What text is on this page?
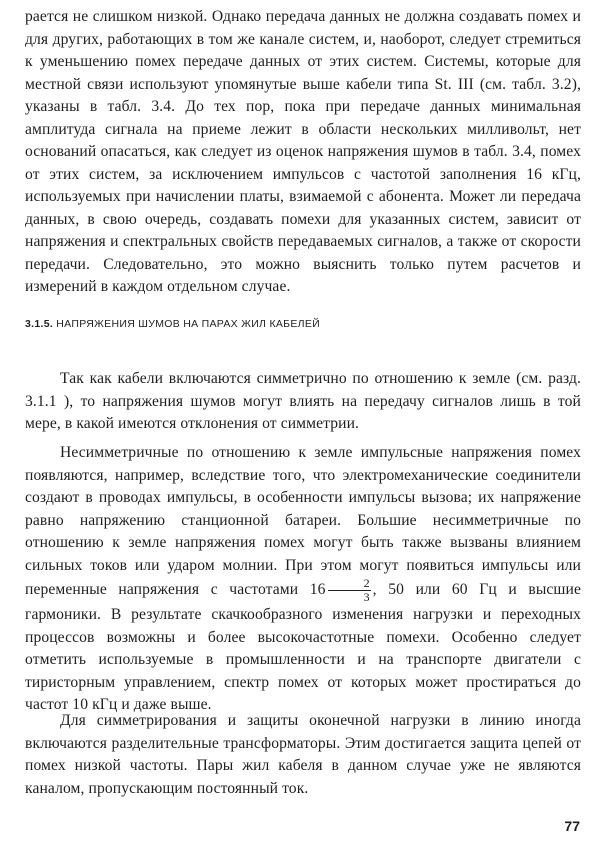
рается не слишком низкой. Однако передача данных не должна создавать помех и для других, работающих в том же канале систем, и, наоборот, следует стремиться к уменьшению помех передаче данных от этих систем. Системы, которые для местной связи используют упомянутые выше кабели типа St. III (см. табл. 3.2), указаны в табл. 3.4. До тех пор, пока при передаче данных минимальная амплитуда сигнала на приеме лежит в области нескольких милливольт, нет оснований опасаться, как следует из оценок напряжения шумов в табл. 3.4, помех от этих систем, за исключением импульсов с частотой заполнения 16 кГц, используемых при начислении платы, взимаемой с абонента. Может ли передача данных, в свою очередь, создавать помехи для указанных систем, зависит от напряжения и спектральных свойств передаваемых сигналов, а также от скорости передачи. Следовательно, это можно выяснить только путем расчетов и измерений в каждом отдельном случае.

3.1.5. НАПРЯЖЕНИЯ ШУМОВ НА ПАРАХ ЖИЛ КАБЕЛЕЙ

Так как кабели включаются симметрично по отношению к земле (см. разд. 3.1.1 ), то напряжения шумов могут влиять на передачу сигналов лишь в той мере, в какой имеются отклонения от симметрии.

Несимметричные по отношению к земле импульсные напряжения помех появляются, например, вследствие того, что электромеханические соединители создают в проводах импульсы, в особенности импульсы вызова; их напряжение равно напряжению станционной батареи. Большие несимметричные по отношению к земле напряжения помех могут быть также вызваны влиянием сильных токов или ударом молнии. При этом могут появиться импульсы или переменные напряжения с частотами $16 \frac{2}{3}$ , 50 или 60 Гц и высшие гармоники. В результате скачкообразного изменения нагрузки и переходных процессов возможны и более высокочастотные помехи. Особенно следует отметить используемые в промышленности и на транспорте двигатели с тиристорным управлением, спектр помех от которых может простираться до частот 10 кГц и даже выше.

Для симметрирования и защиты оконечной нагрузки в линию иногда включаются разделительные трансформаторы. Этим достигается защита цепей от помех низкой частоты. Пары жил кабеля в данном случае уже не являются каналом, пропускающим постоянный ток.

77
